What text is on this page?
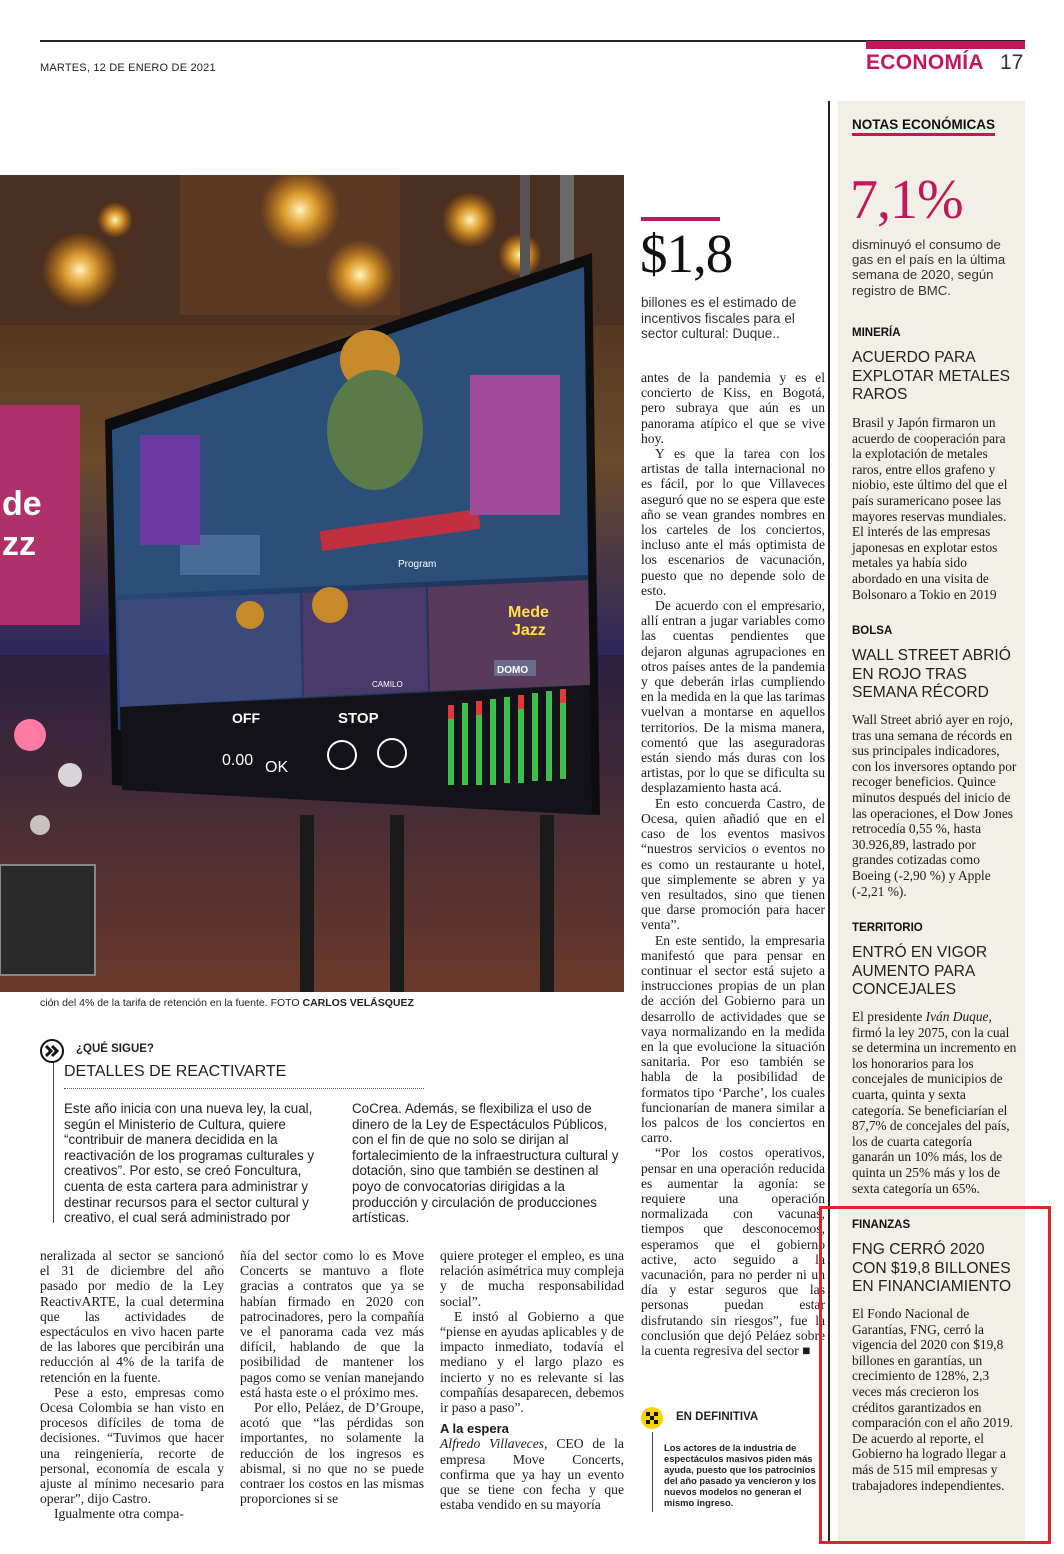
MARTES, 12 DE ENERO DE 2021	ECONOMÍA 17
de
zz
Mede
Jazz
DOMO
CAMILO
Program
OFF	STOP
0.00 OK
ción del 4% de la tarifa de retención en la fuente. FOTO CARLOS VELÁSQUEZ
$1,8
billones es el estimado de incentivos fiscales para el sector cultural: Duque..

antes de la pandemia y es el concierto de Kiss, en Bogotá, pero subraya que aún es un panorama atípico el que se vive hoy.

Y es que la tarea con los artistas de talla internacional no es fácil, por lo que Villaveces aseguró que no se espera que este año se vean grandes nombres en los carteles de los conciertos, incluso ante el más optimista de los escenarios de vacunación, puesto que no depende solo de esto.

De acuerdo con el empresario, allí entran a jugar variables como las cuentas pendientes que dejaron algunas agrupaciones en otros países antes de la pandemia y que deberán irlas cumpliendo en la medida en la que las tarimas vuelvan a montarse en aquellos territorios. De la misma manera, comentó que las aseguradoras están siendo más duras con los artistas, por lo que se dificulta su desplazamiento hasta acá.

En esto concuerda Castro, de Ocesa, quien añadió que en el caso de los eventos masivos “nuestros servicios o eventos no es como un restaurante u hotel, que simplemente se abren y ya ven resultados, sino que tienen que darse promoción para hacer venta”.

En este sentido, la empresaria manifestó que para pensar en continuar el sector está sujeto a instrucciones propias de un plan de acción del Gobierno para un desarrollo de actividades que se vaya normalizando en la medida en la que evolucione la situación sanitaria. Por eso también se habla de la posibilidad de formatos tipo ‘Parche’, los cuales funcionarían de manera similar a los palcos de los conciertos en carro.

“Por los costos operativos, pensar en una operación reducida es aumentar la agonía: se requiere una operación normalizada con vacunas, tiempos que desconocemos, esperamos que el gobierno active, acto seguido a la vacunación, para no perder ni un día y estar seguros que las personas puedan estar disfrutando sin riesgos”, fue la conclusión que dejó Peláez sobre la cuenta regresiva del sector ■

¿QUÉ SIGUE?
DETALLES DE REACTIVARTE
Este año inicia con una nueva ley, la cual, según el Ministerio de Cultura, quiere “contribuir de manera decidida en la reactivación de los programas culturales y creativos”. Por esto, se creó Foncultura, cuenta de esta cartera para administrar y destinar recursos para el sector cultural y creativo, el cual será administrado por
CoCrea. Además, se flexibiliza el uso de dinero de la Ley de Espectáculos Públicos, con el fin de que no solo se dirijan al fortalecimiento de la infraestructura cultural y dotación, sino que también se destinen al poyo de convocatorias dirigidas a la producción y circulación de producciones artísticas.

neralizada al sector se sancionó el 31 de diciembre del año pasado por medio de la Ley ReactivARTE, la cual determina que las actividades de espectáculos en vivo hacen parte de las labores que percibirán una reducción al 4% de la tarifa de retención en la fuente.

Pese a esto, empresas como Ocesa Colombia se han visto en procesos difíciles de toma de decisiones. “Tuvimos que hacer una reingeniería, recorte de personal, economía de escala y ajuste al mínimo necesario para operar”, dijo Castro.

Igualmente otra compa-

ñía del sector como lo es Move Concerts se mantuvo a flote gracias a contratos que ya se habían firmado en 2020 con patrocinadores, pero la compañía ve el panorama cada vez más difícil, hablando de que la posibilidad de mantener los pagos como se venían manejando está hasta este o el próximo mes.

Por ello, Peláez, de D’Groupe, acotó que “las pérdidas son importantes, no solamente la reducción de los ingresos es abismal, si no que no se puede contraer los costos en las mismas proporciones si se

quiere proteger el empleo, es una relación asimétrica muy compleja y de mucha responsabilidad social”.

E instó al Gobierno a que “piense en ayudas aplicables y de impacto inmediato, todavía el mediano y el largo plazo es incierto y no es relevante si las compañías desaparecen, debemos ir paso a paso”.

A la espera

Alfredo Villaveces, CEO de la empresa Move Concerts, confirma que ya hay un evento que se tiene con fecha y que estaba vendido en su mayoría

EN DEFINITIVA
Los actores de la industria de espectáculos masivos piden más ayuda, puesto que los patrocinios del año pasado ya vencieron y los nuevos modelos no generan el mismo ingreso.
NOTAS ECONÓMICAS
7,1%
disminuyó el consumo de gas en el país en la última semana de 2020, según registro de BMC.
MINERÍA
ACUERDO PARA EXPLOTAR METALES RAROS
Brasil y Japón firmaron un acuerdo de cooperación para la explotación de metales raros, entre ellos grafeno y niobio, este último del que el país suramericano posee las mayores reservas mundiales. El interés de las empresas japonesas en explotar estos metales ya había sido abordado en una visita de Bolsonaro a Tokio en 2019
BOLSA
WALL STREET ABRIÓ EN ROJO TRAS SEMANA RÉCORD
Wall Street abrió ayer en rojo, tras una semana de récords en sus principales indicadores, con los inversores optando por recoger beneficios. Quince minutos después del inicio de las operaciones, el Dow Jones retrocedía 0,55 %, hasta 30.926,89, lastrado por grandes cotizadas como Boeing (-2,90 %) y Apple (-2,21 %).
TERRITORIO
ENTRÓ EN VIGOR AUMENTO PARA CONCEJALES
El presidente Iván Duque, firmó la ley 2075, con la cual se determina un incremento en los honorarios para los concejales de municipios de cuarta, quinta y sexta categoría. Se beneficiarían el 87,7% de concejales del país, los de cuarta categoría ganarán un 10% más, los de quinta un 25% más y los de sexta categoría un 65%.
FINANZAS
FNG CERRÓ 2020 CON $19,8 BILLONES EN FINANCIAMIENTO
El Fondo Nacional de Garantías, FNG, cerró la vigencia del 2020 con $19,8 billones en garantías, un crecimiento de 128%, 2,3 veces más crecieron los créditos garantizados en comparación con el año 2019. De acuerdo al reporte, el Gobierno ha logrado llegar a más de 515 mil empresas y trabajadores independientes.
